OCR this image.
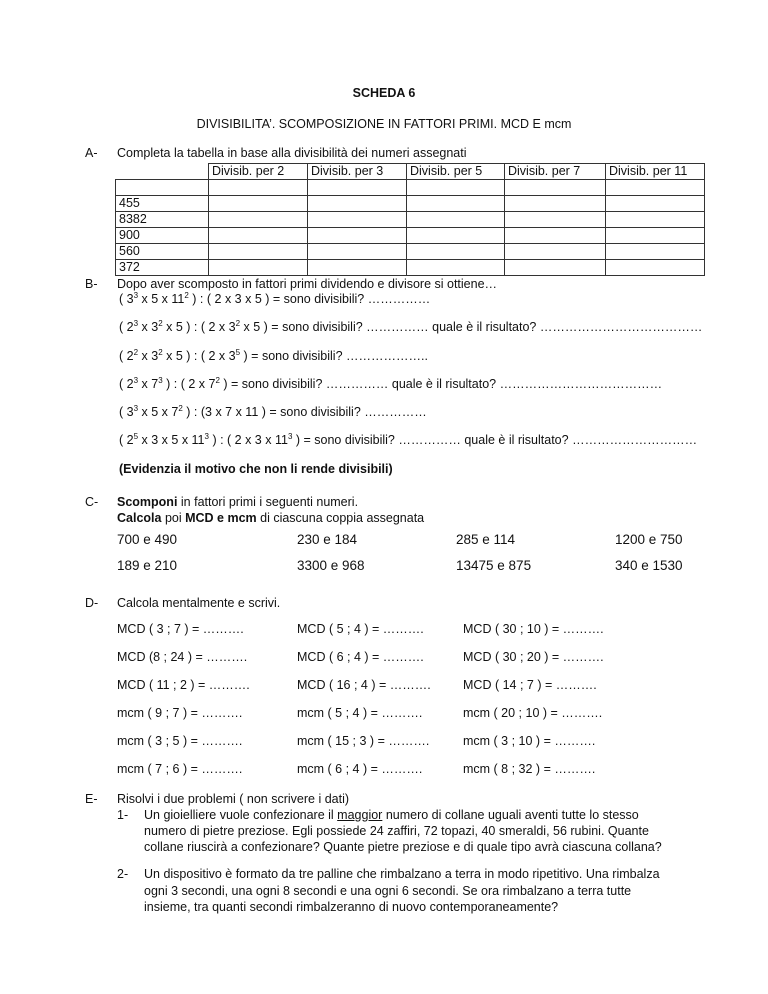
SCHEDA 6
DIVISIBILITA’. SCOMPOSIZIONE IN FATTORI PRIMI. MCD E mcm
A- Completa la tabella in base alla divisibilità dei numeri assegnati
	Divisib. per 2	Divisib. per 3	Divisib. per 5	Divisib. per 7	Divisib. per 11

455					
8382					
900					
560					
372					
B- Dopo aver scomposto in fattori primi dividendo e divisore si ottiene…
( $3^3$ x 5 x $11^2$ ) : ( 2 x 3 x 5 ) = sono divisibili? ……………
( $2^3$ x $3^2$ x 5 ) : ( 2 x $3^2$ x 5 ) = sono divisibili? …………… quale è il risultato? …………………………………
( $2^2$ x $3^2$ x 5 ) : ( 2 x $3^5$ ) = sono divisibili? ………………..
( $2^3$ x $7^3$ ) : ( 2 x $7^2$ ) = sono divisibili? …………… quale è il risultato? …………………………………
( $3^3$ x 5 x $7^2$ ) : (3 x 7 x 11 ) = sono divisibili? ……………
( $2^5$ x 3 x 5 x $11^3$ ) : ( 2 x 3 x $11^3$ ) = sono divisibili? …………… quale è il risultato? …………………………
(Evidenzia il motivo che non li rende divisibili)
C- Scomponi in fattori primi i seguenti numeri.
Calcola poi MCD e mcm di ciascuna coppia assegnata
700 e 490	230 e 184	285 e 114	1200 e 750
189 e 210	3300 e 968	13475 e 875	340 e 1530
D- Calcola mentalmente e scrivi.
MCD ( 3 ; 7 ) = ……….	MCD ( 5 ; 4 ) = ……….	MCD ( 30 ; 10 ) = ……….
MCD (8 ; 24 ) = ……….	MCD ( 6 ; 4 ) = ……….	MCD ( 30 ; 20 ) = ……….
MCD ( 11 ; 2 ) = ……….	MCD ( 16 ; 4 ) = ……….	MCD ( 14 ; 7 ) = ……….
mcm ( 9 ; 7 ) = ……….	mcm ( 5 ; 4 ) = ……….	mcm ( 20 ; 10 ) = ……….
mcm ( 3 ; 5 ) = ……….	mcm ( 15 ; 3 ) = ……….	mcm ( 3 ; 10 ) = ……….
mcm ( 7 ; 6 ) = ……….	mcm ( 6 ; 4 ) = ……….	mcm ( 8 ; 32 ) = ……….
E- Risolvi i due problemi ( non scrivere i dati)
1- Un gioielliere vuole confezionare il maggior numero di collane uguali aventi tutte lo stesso
numero di pietre preziose. Egli possiede 24 zaffiri, 72 topazi, 40 smeraldi, 56 rubini. Quante
collane riuscirà a confezionare? Quante pietre preziose e di quale tipo avrà ciascuna collana?
2- Un dispositivo è formato da tre palline che rimbalzano a terra in modo ripetitivo. Una rimbalza
ogni 3 secondi, una ogni 8 secondi e una ogni 6 secondi. Se ora rimbalzano a terra tutte
insieme, tra quanti secondi rimbalzeranno di nuovo contemporaneamente?
